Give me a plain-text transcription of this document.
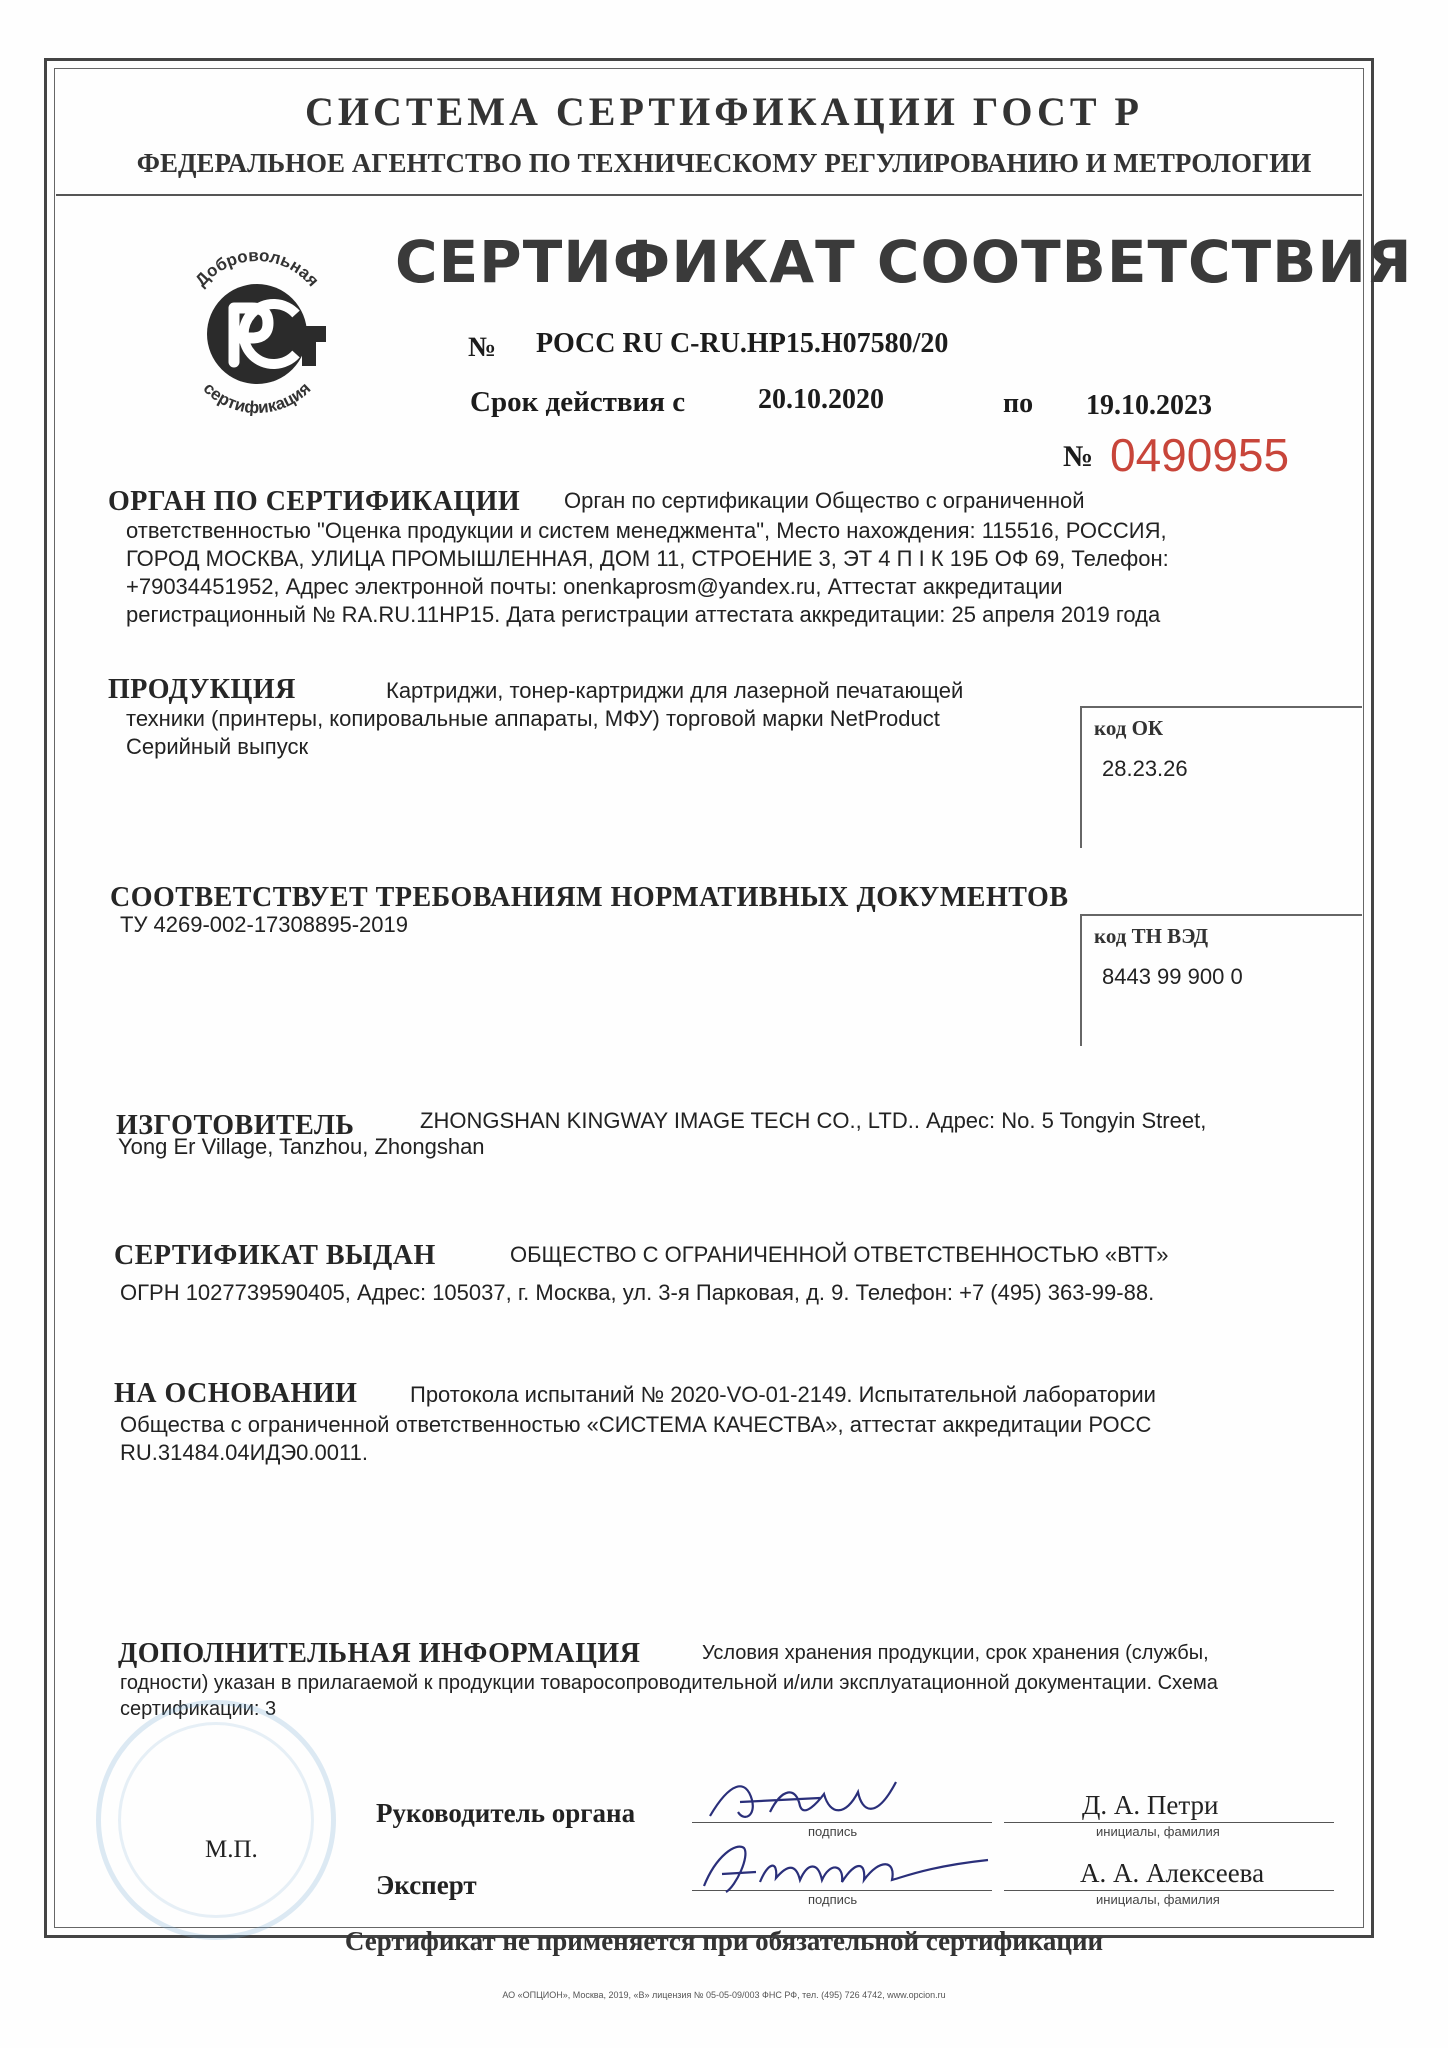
СИСТЕМА СЕРТИФИКАЦИИ ГОСТ Р
ФЕДЕРАЛЬНОЕ АГЕНТСТВО ПО ТЕХНИЧЕСКОМУ РЕГУЛИРОВАНИЮ И МЕТРОЛОГИИ
Добровольная
сертификация
СЕРТИФИКАТ СООТВЕТСТВИЯ
№ РОСС RU C-RU.НР15.Н07580/20
Срок действия с	20.10.2020	по 19.10.2023
№ 0490955
ОРГАН ПО СЕРТИФИКАЦИИ Орган по сертификации Общество с ограниченной
ответственностью "Оценка продукции и систем менеджмента", Место нахождения: 115516, РОССИЯ,
ГОРОД МОСКВА, УЛИЦА ПРОМЫШЛЕННАЯ, ДОМ 11, СТРОЕНИЕ 3, ЭТ 4 П I К 19Б ОФ 69, Телефон:
+79034451952, Адрес электронной почты: onenkaprosm@yandex.ru, Аттестат аккредитации
регистрационный № RA.RU.11НР15. Дата регистрации аттестата аккредитации: 25 апреля 2019 года
ПРОДУКЦИЯ	Картриджи, тонер-картриджи для лазерной печатающей
техники (принтеры, копировальные аппараты, МФУ) торговой марки NetProduct
Серийный выпуск
код ОК
28.23.26
СООТВЕТСТВУЕТ ТРЕБОВАНИЯМ НОРМАТИВНЫХ ДОКУМЕНТОВ
ТУ 4269-002-17308895-2019	код ТН ВЭД
8443 99 900 0
ИЗГОТОВИТЕЛЬ	ZHONGSHAN KINGWAY IMAGE TECH CO., LTD.. Адрес: No. 5 Tongyin Street,
Yong Er Village, Tanzhou, Zhongshan
СЕРТИФИКАТ ВЫДАН	ОБЩЕСТВО С ОГРАНИЧЕННОЙ ОТВЕТСТВЕННОСТЬЮ «ВТТ»
ОГРН 1027739590405, Адрес: 105037, г. Москва, ул. 3-я Парковая, д. 9. Телефон: +7 (495) 363-99-88.
НА ОСНОВАНИИ Протокола испытаний № 2020-VO-01-2149. Испытательной лаборатории
Общества с ограниченной ответственностью «СИСТЕМА КАЧЕСТВА», аттестат аккредитации РОСС
RU.31484.04ИДЭ0.0011.
ДОПОЛНИТЕЛЬНАЯ ИНФОРМАЦИЯ	Условия хранения продукции, срок хранения (службы,
годности) указан в прилагаемой к продукции товаросопроводительной и/или эксплуатационной документации. Схема
сертификации: 3
М.П.
Руководитель органа
подпись
Д. А. Петри
инициалы, фамилия
Эксперт	подпись
А. А. Алексеева
инициалы, фамилия
Сертификат не применяется при обязательной сертификации
АО «ОПЦИОН», Москва, 2019, «В» лицензия № 05-05-09/003 ФНС РФ, тел. (495) 726 4742, www.opcion.ru
